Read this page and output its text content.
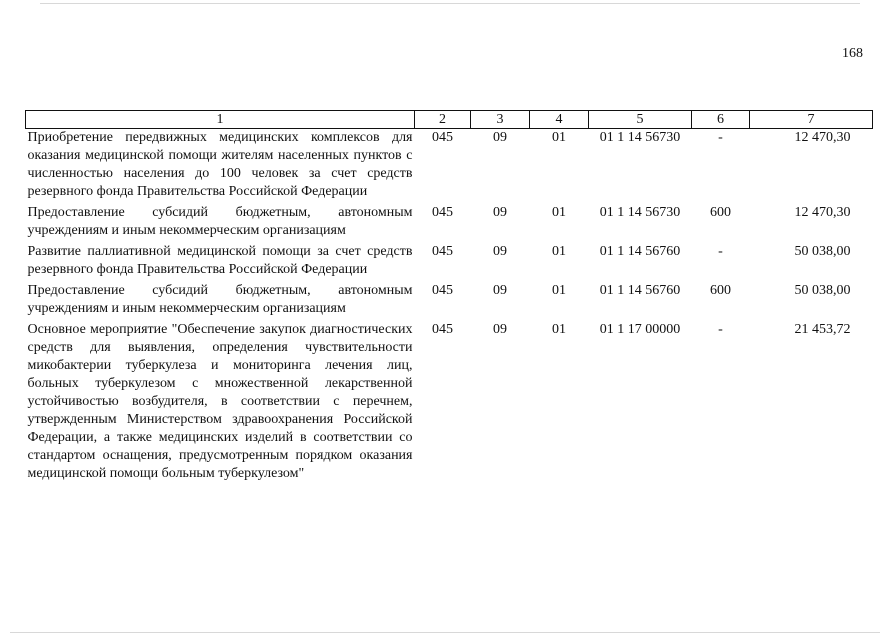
168
1	2	3	4	5	6	7
Приобретение передвижных медицинских комплексов для оказания медицинской помощи жителям населенных пунктов с численностью населения до 100 человек за счет средств резервного фонда Правительства Российской Федерации	045	09	01	01 1 14 56730	-	12 470,30
Предоставление субсидий бюджетным, автономным учреждениям и иным некоммерческим организациям	045	09	01	01 1 14 56730	600	12 470,30
Развитие паллиативной медицинской помощи за счет средств резервного фонда Правительства Российской Федерации	045	09	01	01 1 14 56760	-	50 038,00
Предоставление субсидий бюджетным, автономным учреждениям и иным некоммерческим организациям	045	09	01	01 1 14 56760	600	50 038,00
Основное мероприятие "Обеспечение закупок диагностических средств для выявления, определения чувствительности микобактерии туберкулеза и мониторинга лечения лиц, больных туберкулезом с множественной лекарственной устойчивостью возбудителя, в соответствии с перечнем, утвержденным Министерством здравоохранения Российской Федерации, а также медицинских изделий в соответствии со стандартом оснащения, предусмотренным порядком оказания медицинской помощи больным туберкулезом"	045	09	01	01 1 17 00000	-	21 453,72
